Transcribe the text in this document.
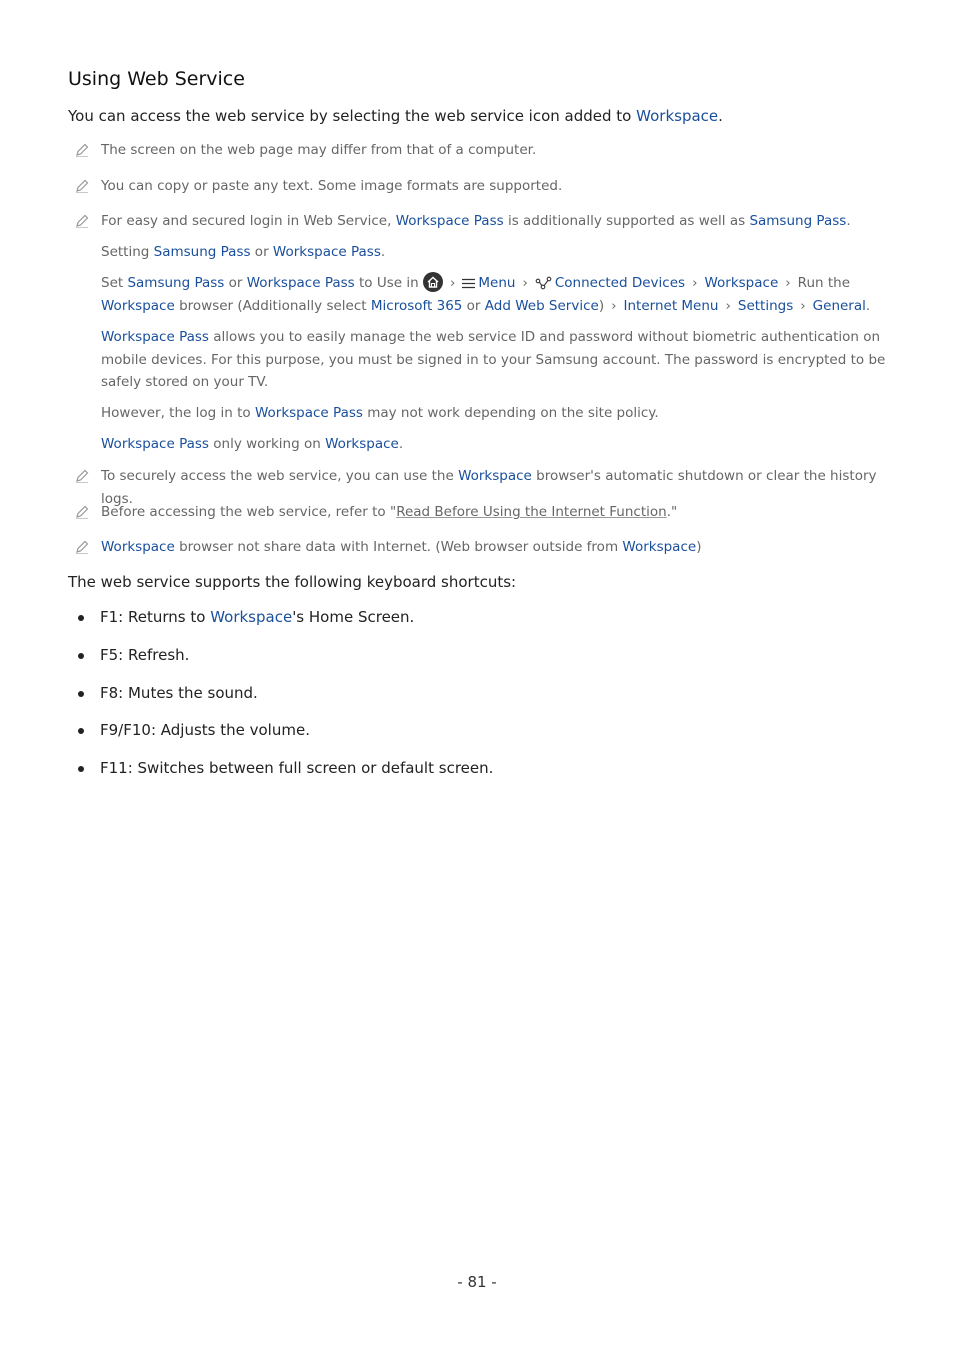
Using Web Service

You can access the web service by selecting the web service icon added to Workspace.

The screen on the web page may differ from that of a computer.
You can copy or paste any text. Some image formats are supported.
For easy and secured login in Web Service, Workspace Pass is additionally supported as well as Samsung Pass.
Setting Samsung Pass or Workspace Pass.
Set Samsung Pass or Workspace Pass to Use in
› Menu › Connected Devices › Workspace › Run the
Workspace browser (Additionally select Microsoft 365 or Add Web Service) › Internet Menu › Settings › General.
Workspace Pass allows you to easily manage the web service ID and password without biometric authentication on mobile devices. For this purpose, you must be signed in to your Samsung account. The password is encrypted to be safely stored on your TV.
However, the log in to Workspace Pass may not work depending on the site policy.
Workspace Pass only working on Workspace.
To securely access the web service, you can use the Workspace browser's automatic shutdown or clear the history logs.
Before accessing the web service, refer to "Read Before Using the Internet Function."
Workspace browser not share data with Internet. (Web browser outside from Workspace)

The web service supports the following keyboard shortcuts:

F1: Returns to Workspace's Home Screen.
F5: Refresh.
F8: Mutes the sound.
F9/F10: Adjusts the volume.
F11: Switches between full screen or default screen.
- 81 -
